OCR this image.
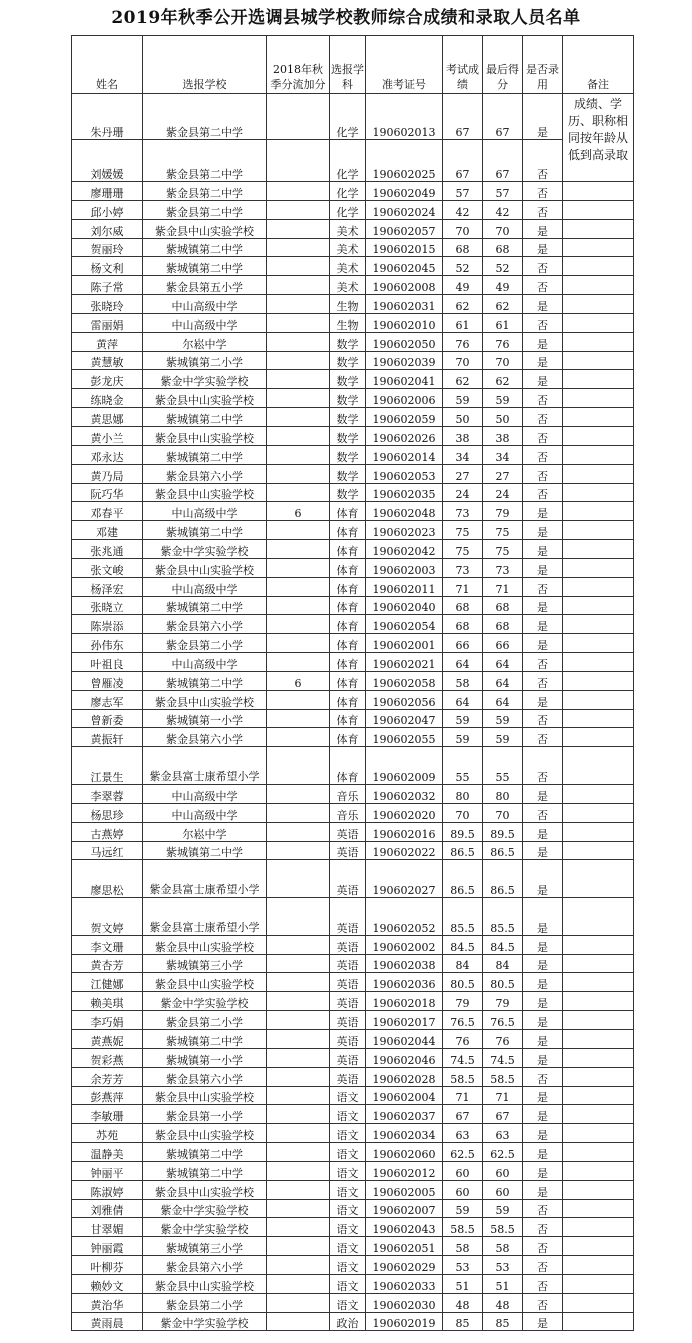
2019年秋季公开选调县城学校教师综合成绩和录取人员名单
姓名	选报学校	2018年秋季分流加分	选报学科	准考证号	考试成绩	最后得分	是否录用	备注
朱丹珊	紫金县第二中学		化学	190602013	67	67	是	成绩、学历、职称相同按年龄从低到高录取
刘媛媛	紫金县第二中学		化学	190602025	67	67	否	
廖珊珊	紫金县第二中学		化学	190602049	57	57	否	
邱小婷	紫金县第二中学		化学	190602024	42	42	否	
刘尔威	紫金县中山实验学校		美术	190602057	70	70	是	
贺丽玲	紫城镇第二中学		美术	190602015	68	68	是	
杨文利	紫城镇第二中学		美术	190602045	52	52	否	
陈子常	紫金县第五小学		美术	190602008	49	49	否	
张晓玲	中山高级中学		生物	190602031	62	62	是	
雷丽娟	中山高级中学		生物	190602010	61	61	否	
黄萍	尔崧中学		数学	190602050	76	76	是	
黄慧敏	紫城镇第二小学		数学	190602039	70	70	是	
彭龙庆	紫金中学实验学校		数学	190602041	62	62	是	
练晓金	紫金县中山实验学校		数学	190602006	59	59	否	
黄思娜	紫城镇第二中学		数学	190602059	50	50	否	
黄小兰	紫金县中山实验学校		数学	190602026	38	38	否	
邓永达	紫城镇第二中学		数学	190602014	34	34	否	
黄乃局	紫金县第六小学		数学	190602053	27	27	否	
阮巧华	紫金县中山实验学校		数学	190602035	24	24	否	
邓春平	中山高级中学	6	体育	190602048	73	79	是	
邓建	紫城镇第二中学		体育	190602023	75	75	是	
张兆通	紫金中学实验学校		体育	190602042	75	75	是	
张文峻	紫金县中山实验学校		体育	190602003	73	73	是	
杨泽宏	中山高级中学		体育	190602011	71	71	否	
张晓立	紫城镇第二中学		体育	190602040	68	68	是	
陈崇添	紫金县第六小学		体育	190602054	68	68	是	
孙伟东	紫金县第二小学		体育	190602001	66	66	是	
叶祖良	中山高级中学		体育	190602021	64	64	否	
曾雁凌	紫城镇第二中学	6	体育	190602058	58	64	否	
廖志军	紫金县中山实验学校		体育	190602056	64	64	是	
曾新委	紫城镇第一小学		体育	190602047	59	59	否	
黄振轩	紫金县第六小学		体育	190602055	59	59	否	
江景生	紫金县富士康希望小学		体育	190602009	55	55	否	
李翠蓉	中山高级中学		音乐	190602032	80	80	是	
杨思珍	中山高级中学		音乐	190602020	70	70	否	
古燕婷	尔崧中学		英语	190602016	89.5	89.5	是	
马远红	紫城镇第二中学		英语	190602022	86.5	86.5	是	
廖思松	紫金县富士康希望小学		英语	190602027	86.5	86.5	是	
贺文婷	紫金县富士康希望小学		英语	190602052	85.5	85.5	是	
李文珊	紫金县中山实验学校		英语	190602002	84.5	84.5	是	
黄杏芳	紫城镇第三小学		英语	190602038	84	84	是	
江健娜	紫金县中山实验学校		英语	190602036	80.5	80.5	是	
赖美琪	紫金中学实验学校		英语	190602018	79	79	是	
李巧娟	紫金县第二小学		英语	190602017	76.5	76.5	是	
黄燕妮	紫城镇第二中学		英语	190602044	76	76	是	
贺彩燕	紫城镇第一小学		英语	190602046	74.5	74.5	是	
余芳芳	紫金县第六小学		英语	190602028	58.5	58.5	否	
彭燕萍	紫金县中山实验学校		语文	190602004	71	71	是	
李敏珊	紫金县第一小学		语文	190602037	67	67	是	
苏苑	紫金县中山实验学校		语文	190602034	63	63	是	
温静美	紫城镇第二中学		语文	190602060	62.5	62.5	是	
钟丽平	紫城镇第二中学		语文	190602012	60	60	是	
陈淑婷	紫金县中山实验学校		语文	190602005	60	60	是	
刘雅倩	紫金中学实验学校		语文	190602007	59	59	否	
甘翠媚	紫金中学实验学校		语文	190602043	58.5	58.5	否	
钟丽霞	紫城镇第三小学		语文	190602051	58	58	否	
叶柳芬	紫金县第六小学		语文	190602029	53	53	否	
赖妙文	紫金县中山实验学校		语文	190602033	51	51	否	
黄治华	紫金县第二小学		语文	190602030	48	48	否	
黄雨晨	紫金中学实验学校		政治	190602019	85	85	是	
